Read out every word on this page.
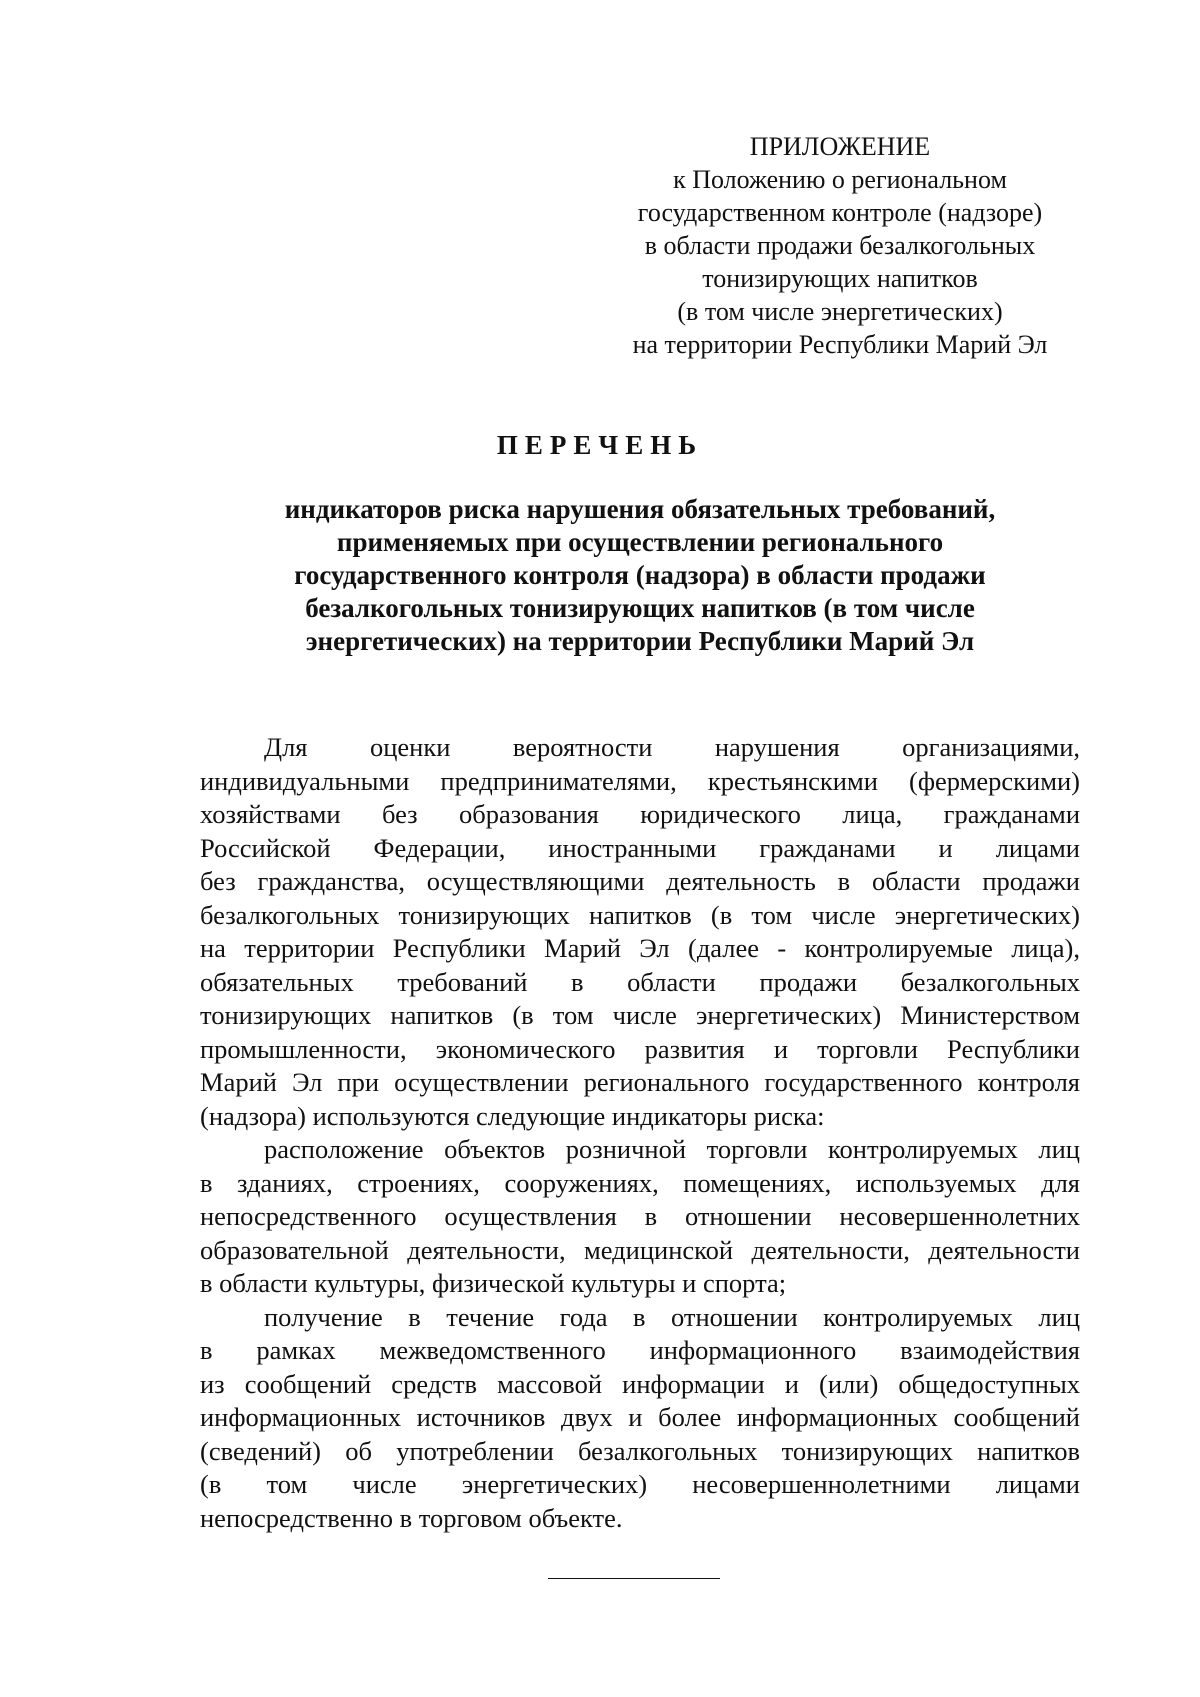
ПРИЛОЖЕНИЕ
к Положению о региональном
государственном контроле (надзоре)
в области продажи безалкогольных
тонизирующих напитков
(в том числе энергетических)
на территории Республики Марий Эл
ПЕРЕЧЕНЬ
индикаторов риска нарушения обязательных требований,
применяемых при осуществлении регионального
государственного контроля (надзора) в области продажи
безалкогольных тонизирующих напитков (в том числе
энергетических) на территории Республики Марий Эл
Для оценки вероятности нарушения организациями,
индивидуальными предпринимателями, крестьянскими (фермерскими)
хозяйствами без образования юридического лица, гражданами
Российской Федерации, иностранными гражданами и лицами
без гражданства, осуществляющими деятельность в области продажи
безалкогольных тонизирующих напитков (в том числе энергетических)
на территории Республики Марий Эл (далее - контролируемые лица),
обязательных требований в области продажи безалкогольных
тонизирующих напитков (в том числе энергетических) Министерством
промышленности, экономического развития и торговли Республики
Марий Эл при осуществлении регионального государственного контроля
(надзора) используются следующие индикаторы риска:
расположение объектов розничной торговли контролируемых лиц
в зданиях, строениях, сооружениях, помещениях, используемых для
непосредственного осуществления в отношении несовершеннолетних
образовательной деятельности, медицинской деятельности, деятельности
в области культуры, физической культуры и спорта;
получение в течение года в отношении контролируемых лиц
в рамках межведомственного информационного взаимодействия
из сообщений средств массовой информации и (или) общедоступных
информационных источников двух и более информационных сообщений
(сведений) об употреблении безалкогольных тонизирующих напитков
(в том числе энергетических) несовершеннолетними лицами
непосредственно в торговом объекте.
